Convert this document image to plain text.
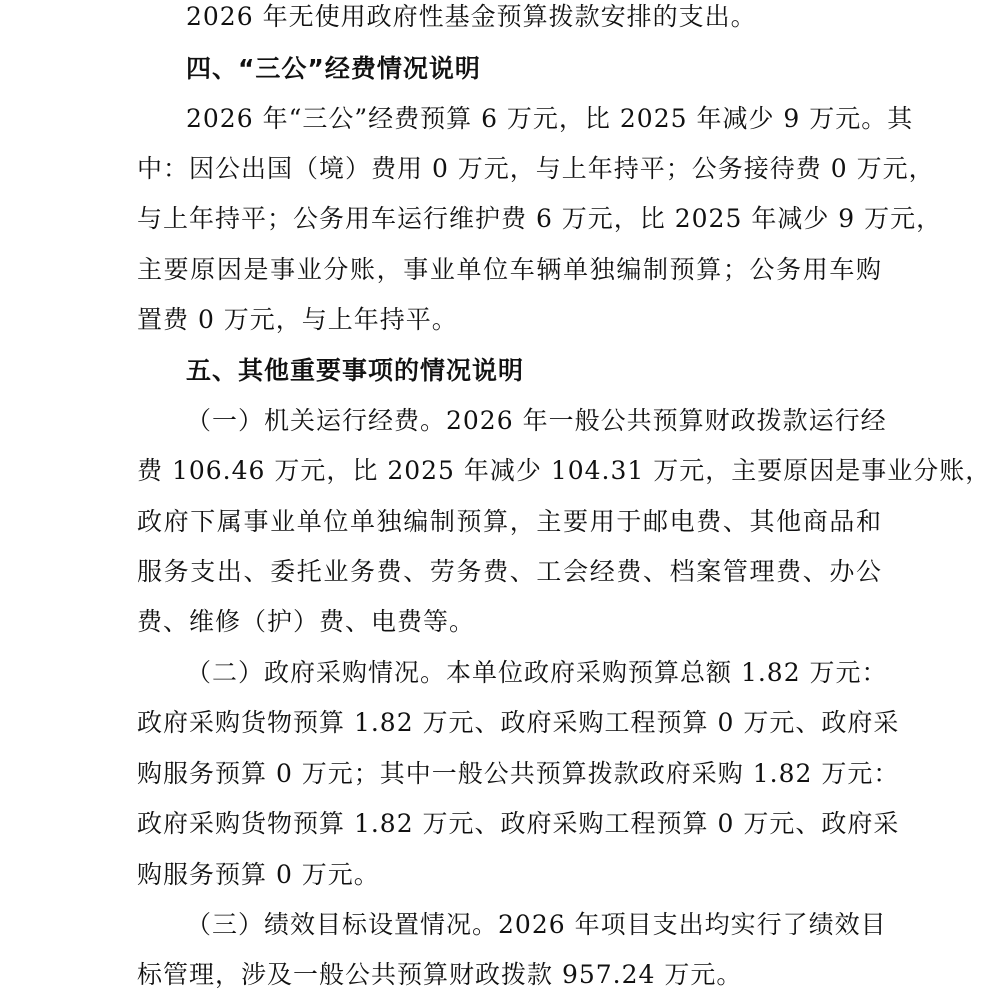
2026 年无使用政府性基金预算拨款安排的支出。
四、“三公”经费情况说明
2026 年“三公”经费预算 6 万元，比 2025 年减少 9 万元。其
中：因公出国（境）费用 0 万元，与上年持平；公务接待费 0 万元，
与上年持平；公务用车运行维护费 6 万元，比 2025 年减少 9 万元，
主要原因是事业分账，事业单位车辆单独编制预算；公务用车购
置费 0 万元，与上年持平。
五、其他重要事项的情况说明
（一）机关运行经费。2026 年一般公共预算财政拨款运行经
费 106.46 万元，比 2025 年减少 104.31 万元，主要原因是事业分账，
政府下属事业单位单独编制预算，主要用于邮电费、其他商品和
服务支出、委托业务费、劳务费、工会经费、档案管理费、办公
费、维修（护）费、电费等。
（二）政府采购情况。本单位政府采购预算总额 1.82 万元：
政府采购货物预算 1.82 万元、政府采购工程预算 0 万元、政府采
购服务预算 0 万元；其中一般公共预算拨款政府采购 1.82 万元：
政府采购货物预算 1.82 万元、政府采购工程预算 0 万元、政府采
购服务预算 0 万元。
（三）绩效目标设置情况。2026 年项目支出均实行了绩效目
标管理，涉及一般公共预算财政拨款 957.24 万元。
